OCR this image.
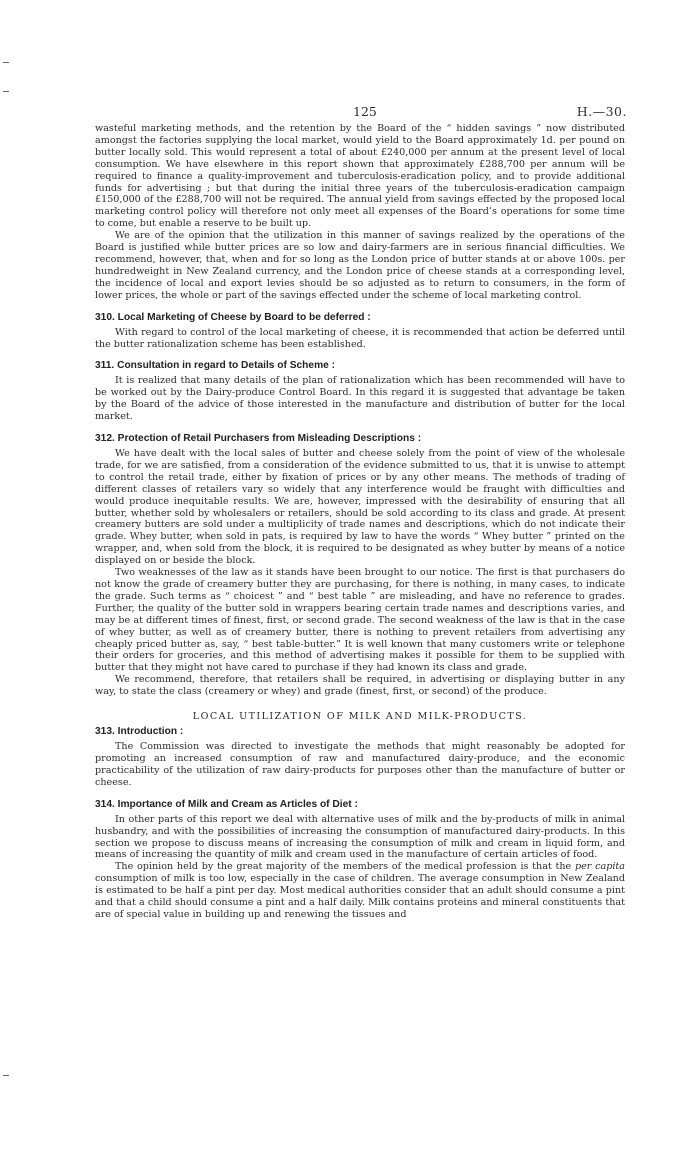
125	H.—30.

wasteful marketing methods, and the retention by the Board of the “ hidden savings ” now distributed amongst the factories supplying the local market, would yield to the Board approximately 1d. per pound on butter locally sold. This would represent a total of about £240,000 per annum at the present level of local consumption. We have elsewhere in this report shown that approximately £288,700 per annum will be required to finance a quality-improvement and tuberculosis-eradication policy, and to provide additional funds for advertising ; but that during the initial three years of the tuberculosis-eradication campaign £150,000 of the £288,700 will not be required. The annual yield from savings effected by the proposed local marketing control policy will therefore not only meet all expenses of the Board’s operations for some time to come, but enable a reserve to be built up.

We are of the opinion that the utilization in this manner of savings realized by the operations of the Board is justified while butter prices are so low and dairy-farmers are in serious financial difficulties. We recommend, however, that, when and for so long as the London price of butter stands at or above 100s. per hundredweight in New Zealand currency, and the London price of cheese stands at a corresponding level, the incidence of local and export levies should be so adjusted as to return to consumers, in the form of lower prices, the whole or part of the savings effected under the scheme of local marketing control.

310. Local Marketing of Cheese by Board to be deferred :

With regard to control of the local marketing of cheese, it is recommended that action be deferred until the butter rationalization scheme has been established.

311. Consultation in regard to Details of Scheme :

It is realized that many details of the plan of rationalization which has been recommended will have to be worked out by the Dairy-produce Control Board. In this regard it is suggested that advantage be taken by the Board of the advice of those interested in the manufacture and distribution of butter for the local market.

312. Protection of Retail Purchasers from Misleading Descriptions :

We have dealt with the local sales of butter and cheese solely from the point of view of the wholesale trade, for we are satisfied, from a consideration of the evidence submitted to us, that it is unwise to attempt to control the retail trade, either by fixation of prices or by any other means. The methods of trading of different classes of retailers vary so widely that any interference would be fraught with difficulties and would produce inequitable results. We are, however, impressed with the desirability of ensuring that all butter, whether sold by wholesalers or retailers, should be sold according to its class and grade. At present creamery butters are sold under a multiplicity of trade names and descriptions, which do not indicate their grade. Whey butter, when sold in pats, is required by law to have the words “ Whey butter ” printed on the wrapper, and, when sold from the block, it is required to be designated as whey butter by means of a notice displayed on or beside the block.

Two weaknesses of the law as it stands have been brought to our notice. The first is that purchasers do not know the grade of creamery butter they are purchasing, for there is nothing, in many cases, to indicate the grade. Such terms as “ choicest ” and “ best table ” are misleading, and have no reference to grades. Further, the quality of the butter sold in wrappers bearing certain trade names and descriptions varies, and may be at different times of finest, first, or second grade. The second weakness of the law is that in the case of whey butter, as well as of creamery butter, there is nothing to prevent retailers from advertising any cheaply priced butter as, say, “ best table-butter.” It is well known that many customers write or telephone their orders for groceries, and this method of advertising makes it possible for them to be supplied with butter that they might not have cared to purchase if they had known its class and grade.

We recommend, therefore, that retailers shall be required, in advertising or displaying butter in any way, to state the class (creamery or whey) and grade (finest, first, or second) of the produce.

LOCAL UTILIZATION OF MILK AND MILK-PRODUCTS.
313. Introduction :

The Commission was directed to investigate the methods that might reasonably be adopted for promoting an increased consumption of raw and manufactured dairy-produce, and the economic practicability of the utilization of raw dairy-products for purposes other than the manufacture of butter or cheese.

314. Importance of Milk and Cream as Articles of Diet :

In other parts of this report we deal with alternative uses of milk and the by-products of milk in animal husbandry, and with the possibilities of increasing the consumption of manufactured dairy-products. In this section we propose to discuss means of increasing the consumption of milk and cream in liquid form, and means of increasing the quantity of milk and cream used in the manufacture of certain articles of food.

The opinion held by the great majority of the members of the medical profession is that the per capita consumption of milk is too low, especially in the case of children. The average consumption in New Zealand is estimated to be half a pint per day. Most medical authorities consider that an adult should consume a pint and that a child should consume a pint and a half daily. Milk contains proteins and mineral constituents that are of special value in building up and renewing the tissues and
